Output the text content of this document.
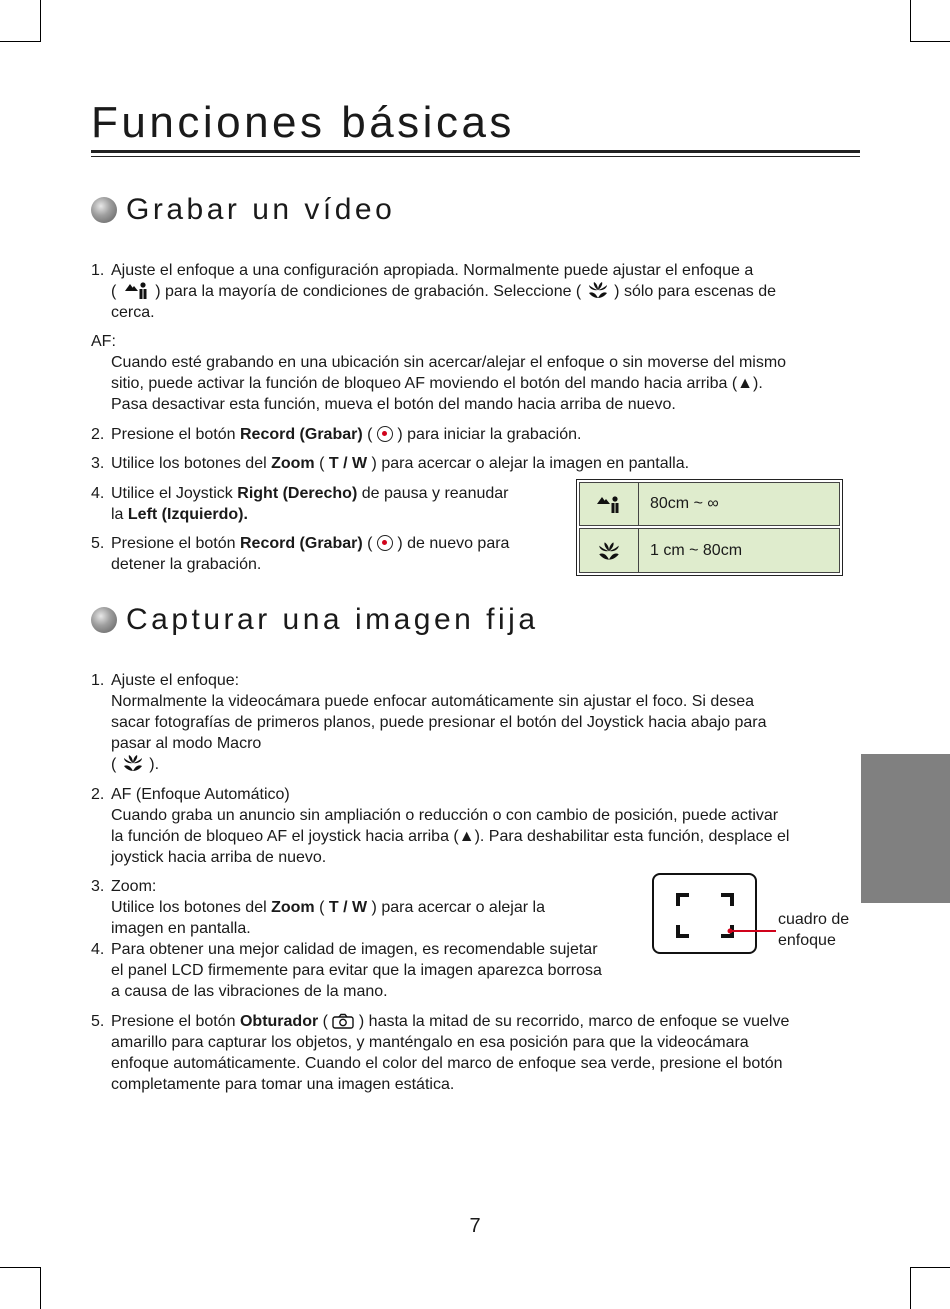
Funciones básicas
Grabar un vídeo
1. Ajuste el enfoque a una configuración apropiada. Normalmente puede ajustar el enfoque a
( ) para la mayoría de condiciones de grabación. Seleccione ( ) sólo para escenas de
cerca.
AF:
Cuando esté grabando en una ubicación sin acercar/alejar el enfoque o sin moverse del mismo
sitio, puede activar la función de bloqueo AF moviendo el botón del mando hacia arriba (▲).
Pasa desactivar esta función, mueva el botón del mando hacia arriba de nuevo.
2. Presione el botón Record (Grabar) ( ) para iniciar la grabación.
3. Utilice los botones del Zoom ( T / W ) para acercar o alejar la imagen en pantalla.
4. Utilice el Joystick Right (Derecho) de pausa y reanudar
la Left (Izquierdo).
5. Presione el botón Record (Grabar) ( ) de nuevo para
detener la grabación.
80cm ~ ∞
1 cm ~ 80cm
Capturar una imagen fija
1. Ajuste el enfoque:
Normalmente la videocámara puede enfocar automáticamente sin ajustar el foco. Si desea
sacar fotografías de primeros planos, puede presionar el botón del Joystick hacia abajo para
pasar al modo Macro
( ).
2. AF (Enfoque Automático)
Cuando graba un anuncio sin ampliación o reducción o con cambio de posición, puede activar
la función de bloqueo AF el joystick hacia arriba (▲). Para deshabilitar esta función, desplace el
joystick hacia arriba de nuevo.
3. Zoom:
Utilice los botones del Zoom ( T / W ) para acercar o alejar la
imagen en pantalla.
4. Para obtener una mejor calidad de imagen, es recomendable sujetar
el panel LCD firmemente para evitar que la imagen aparezca borrosa
a causa de las vibraciones de la mano.
cuadro de
enfoque
5. Presione el botón Obturador ( ) hasta la mitad de su recorrido, marco de enfoque se vuelve
amarillo para capturar los objetos, y manténgalo en esa posición para que la videocámara
enfoque automáticamente. Cuando el color del marco de enfoque sea verde, presione el botón
completamente para tomar una imagen estática.
7
